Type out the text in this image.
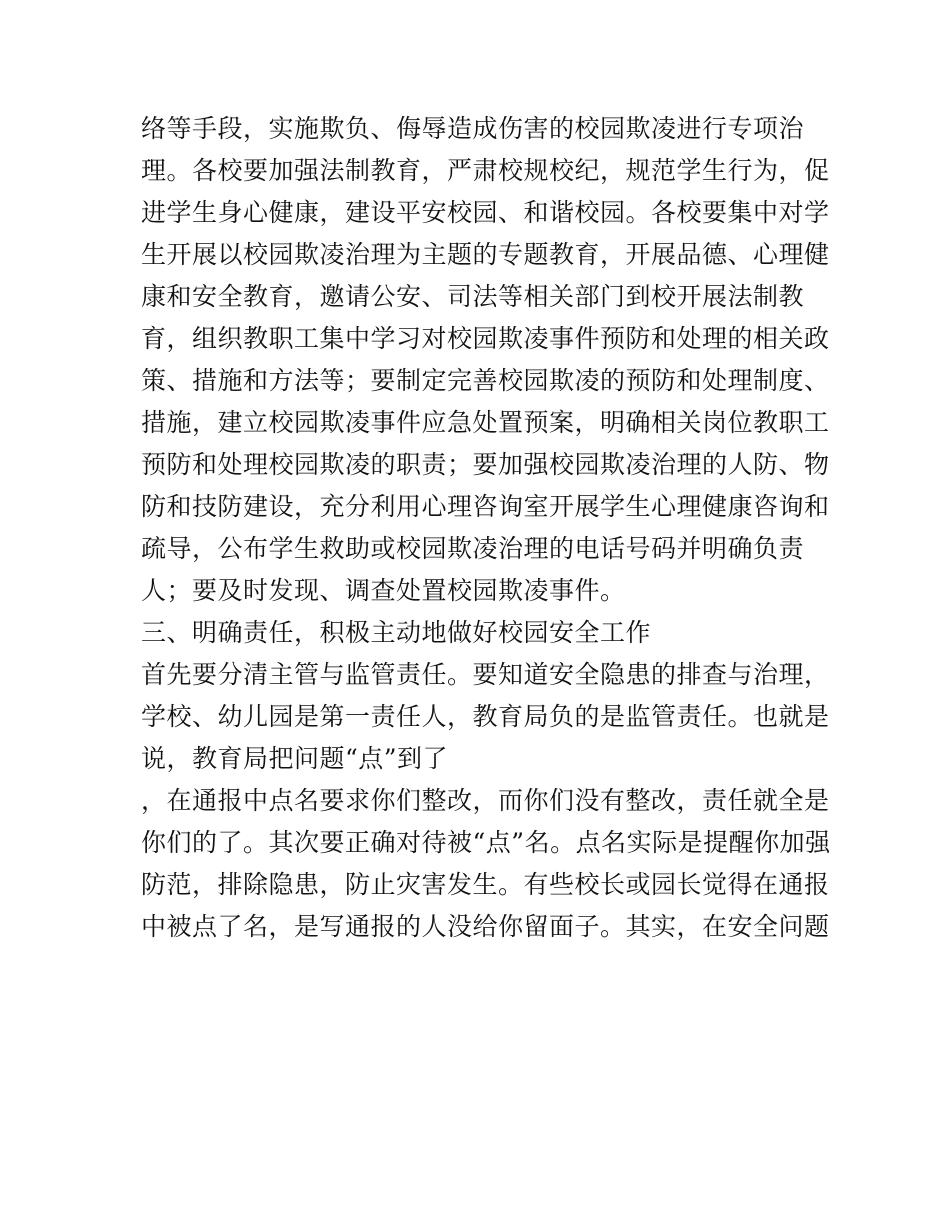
络等手段，实施欺负、侮辱造成伤害的校园欺凌进行专项治
理。各校要加强法制教育，严肃校规校纪，规范学生行为，促
进学生身心健康，建设平安校园、和谐校园。各校要集中对学
生开展以校园欺凌治理为主题的专题教育，开展品德、心理健
康和安全教育，邀请公安、司法等相关部门到校开展法制教
育，组织教职工集中学习对校园欺凌事件预防和处理的相关政
策、措施和方法等；要制定完善校园欺凌的预防和处理制度、
措施，建立校园欺凌事件应急处置预案，明确相关岗位教职工
预防和处理校园欺凌的职责；要加强校园欺凌治理的人防、物
防和技防建设，充分利用心理咨询室开展学生心理健康咨询和
疏导，公布学生救助或校园欺凌治理的电话号码并明确负责
人；要及时发现、调查处置校园欺凌事件。
三、明确责任，积极主动地做好校园安全工作
首先要分清主管与监管责任。要知道安全隐患的排查与治理，
学校、幼儿园是第一责任人，教育局负的是监管责任。也就是
说，教育局把问题“点”到了
，在通报中点名要求你们整改，而你们没有整改，责任就全是
你们的了。其次要正确对待被“点”名。点名实际是提醒你加强
防范，排除隐患，防止灾害发生。有些校长或园长觉得在通报
中被点了名，是写通报的人没给你留面子。其实，在安全问题
